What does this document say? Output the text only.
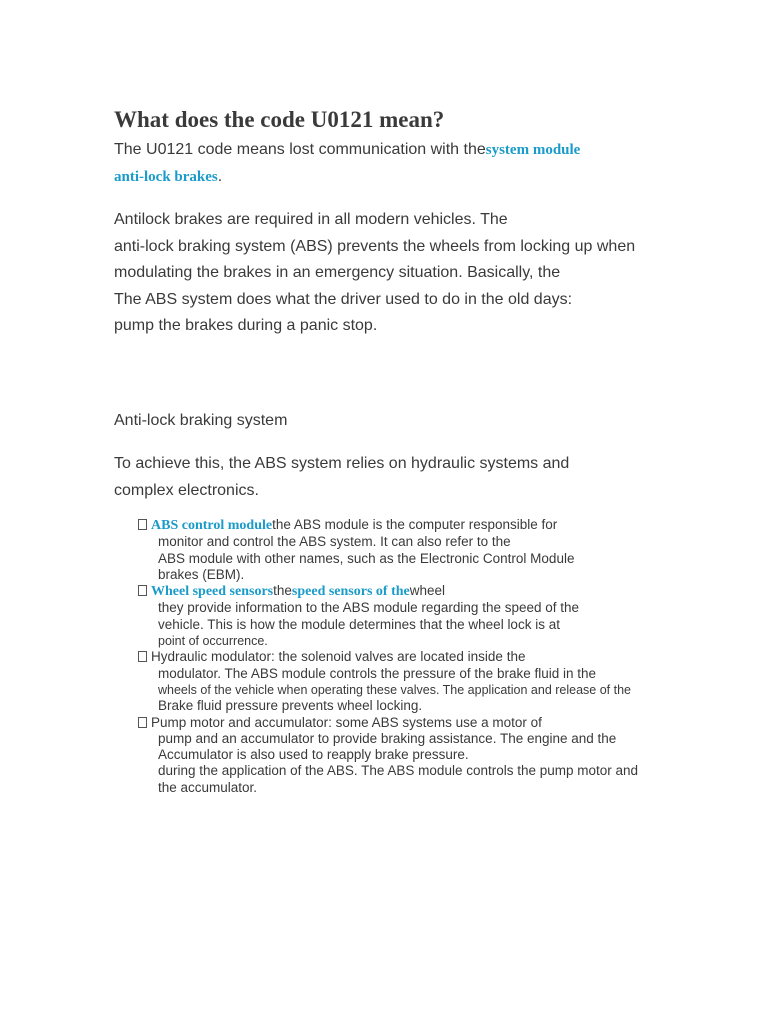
What does the code U0121 mean?

The U0121 code means lost communication with thesystem module
anti-lock brakes.

Antilock brakes are required in all modern vehicles. The
anti-lock braking system (ABS) prevents the wheels from locking up when
modulating the brakes in an emergency situation. Basically, the
The ABS system does what the driver used to do in the old days:
pump the brakes during a panic stop.

Anti-lock braking system

To achieve this, the ABS system relies on hydraulic systems and
complex electronics.

ABS control modulethe ABS module is the computer responsible for
monitor and control the ABS system. It can also refer to the
ABS module with other names, such as the Electronic Control Module
brakes (EBM).
Wheel speed sensorsthespeed sensors of thewheel
they provide information to the ABS module regarding the speed of the
vehicle. This is how the module determines that the wheel lock is at
point of occurrence.
Hydraulic modulator: the solenoid valves are located inside the
modulator. The ABS module controls the pressure of the brake fluid in the
wheels of the vehicle when operating these valves. The application and release of the
Brake fluid pressure prevents wheel locking.
Pump motor and accumulator: some ABS systems use a motor of
pump and an accumulator to provide braking assistance. The engine and the
Accumulator is also used to reapply brake pressure.
during the application of the ABS. The ABS module controls the pump motor and
the accumulator.
